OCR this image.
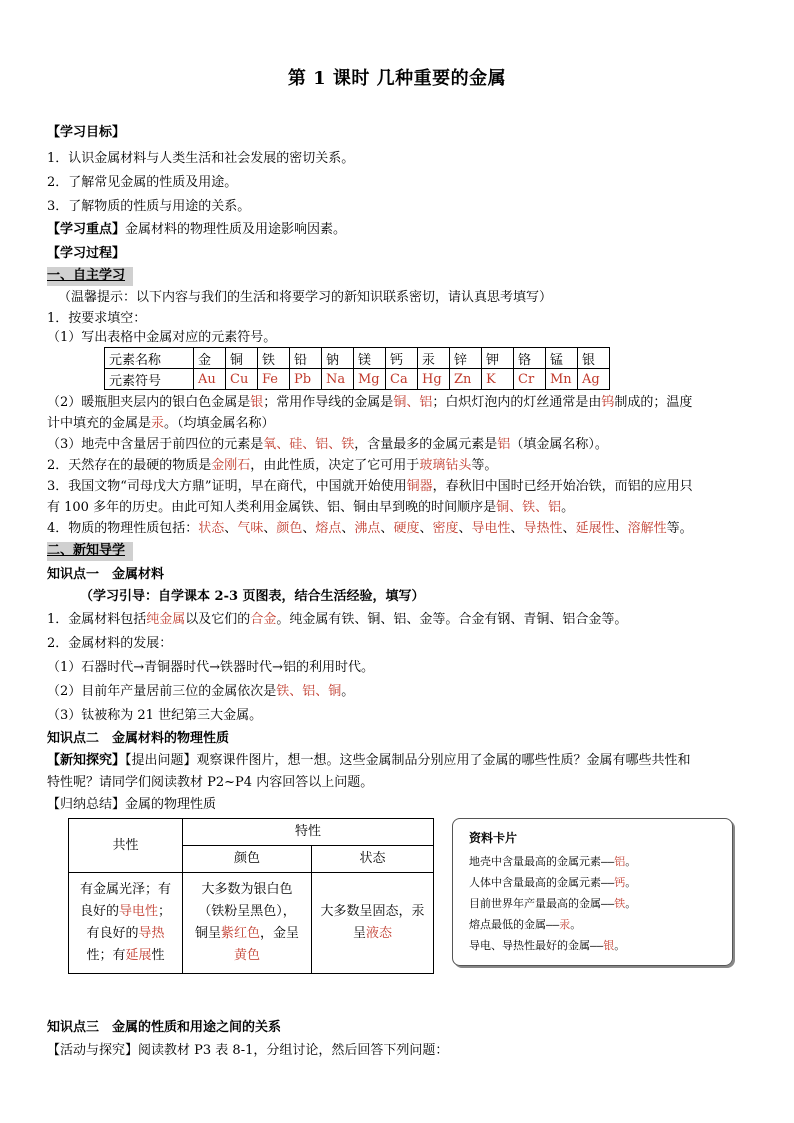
第 1 课时 几种重要的金属
【学习目标】
1．认识金属材料与人类生活和社会发展的密切关系。
2．了解常见金属的性质及用途。
3．了解物质的性质与用途的关系。
【学习重点】金属材料的物理性质及用途影响因素。
【学习过程】
一、自主学习
（温馨提示：以下内容与我们的生活和将要学习的新知识联系密切，请认真思考填写）
1．按要求填空：
（1）写出表格中金属对应的元素符号。
元素名称	金	铜	铁	铅	钠	镁	钙	汞	锌	钾	铬	锰	银
元素符号	Au	Cu	Fe	Pb	Na	Mg	Ca	Hg	Zn	K	Cr	Mn	Ag
（2）暖瓶胆夹层内的银白色金属是银；常用作导线的金属是铜、铝；白炽灯泡内的灯丝通常是由钨制成的；温度
计中填充的金属是汞。（均填金属名称）
（3）地壳中含量居于前四位的元素是氧、硅、铝、铁，含量最多的金属元素是铝（填金属名称）。
2．天然存在的最硬的物质是金刚石，由此性质，决定了它可用于玻璃钻头等。
3．我国文物“司母戊大方鼎”证明，早在商代，中国就开始使用铜器，春秋旧中国时已经开始冶铁，而铝的应用只
有 100 多年的历史。由此可知人类利用金属铁、铝、铜由早到晚的时间顺序是铜、铁、铝。
4．物质的物理性质包括：状态、气味、颜色、熔点、沸点、硬度、密度、导电性、导热性、延展性、溶解性等。
二、新知导学
知识点一　金属材料
（学习引导：自学课本 2-3 页图表，结合生活经验，填写）
1．金属材料包括纯金属以及它们的合金。纯金属有铁、铜、铝、金等。合金有钢、青铜、铝合金等。
2．金属材料的发展：
（1）石器时代→青铜器时代→铁器时代→铝的利用时代。
（2）目前年产量居前三位的金属依次是铁、铝、铜。
（3）钛被称为 21 世纪第三大金属。
知识点二　金属材料的物理性质
【新知探究】【提出问题】观察课件图片，想一想。这些金属制品分别应用了金属的哪些性质？金属有哪些共性和
特性呢？请同学们阅读教材 P2~P4 内容回答以上问题。
【归纳总结】金属的物理性质
共性	特性	
	颜色	状态
有金属光泽；有
良好的导电性；
有良好的导热
性；有延展性	大多数为银白色
（铁粉呈黑色），
铜呈紫红色，金呈
黄色	大多数呈固态，汞
呈液态
资料卡片
地壳中含量最高的金属元素——铝。
人体中含量最高的金属元素——钙。
目前世界年产量最高的金属——铁。
熔点最低的金属——汞。
导电、导热性最好的金属——银。
知识点三　金属的性质和用途之间的关系
【活动与探究】阅读教材 P3 表 8-1，分组讨论，然后回答下列问题：
